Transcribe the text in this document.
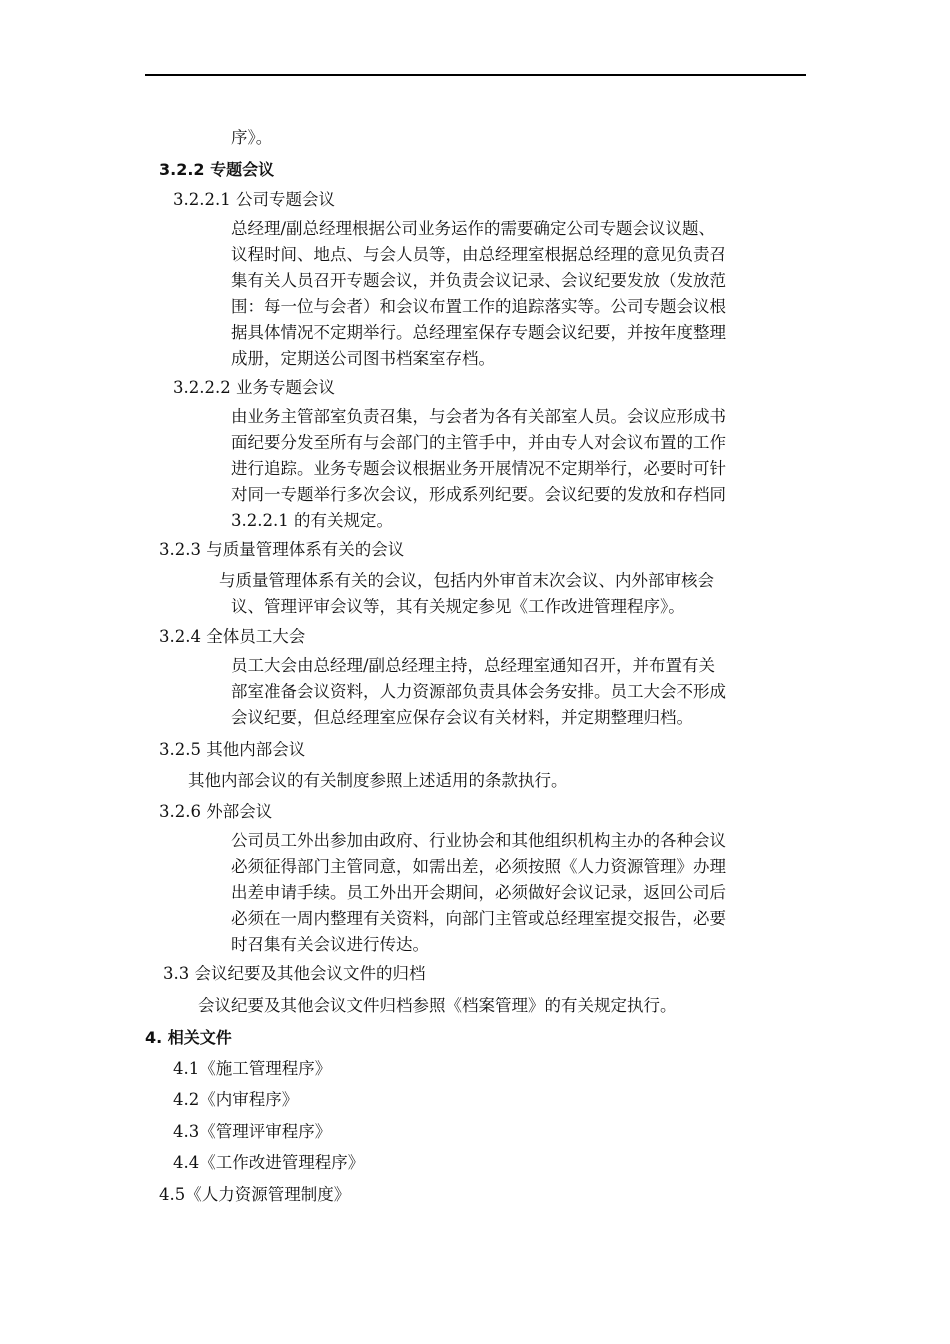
序》。
3.2.2 专题会议
3.2.2.1 公司专题会议
总经理/副总经理根据公司业务运作的需要确定公司专题会议议题、
议程时间、地点、与会人员等，由总经理室根据总经理的意见负责召
集有关人员召开专题会议，并负责会议记录、会议纪要发放（发放范
围：每一位与会者）和会议布置工作的追踪落实等。公司专题会议根
据具体情况不定期举行。总经理室保存专题会议纪要，并按年度整理
成册，定期送公司图书档案室存档。
3.2.2.2 业务专题会议
由业务主管部室负责召集，与会者为各有关部室人员。会议应形成书
面纪要分发至所有与会部门的主管手中，并由专人对会议布置的工作
进行追踪。业务专题会议根据业务开展情况不定期举行，必要时可针
对同一专题举行多次会议，形成系列纪要。会议纪要的发放和存档同
3.2.2.1 的有关规定。
3.2.3 与质量管理体系有关的会议
与质量管理体系有关的会议，包括内外审首末次会议、内外部审核会
议、管理评审会议等，其有关规定参见《工作改进管理程序》。
3.2.4 全体员工大会
员工大会由总经理/副总经理主持，总经理室通知召开，并布置有关
部室准备会议资料，人力资源部负责具体会务安排。员工大会不形成
会议纪要，但总经理室应保存会议有关材料，并定期整理归档。
3.2.5 其他内部会议
其他内部会议的有关制度参照上述适用的条款执行。
3.2.6 外部会议
公司员工外出参加由政府、行业协会和其他组织机构主办的各种会议
必须征得部门主管同意，如需出差，必须按照《人力资源管理》办理
出差申请手续。员工外出开会期间，必须做好会议记录，返回公司后
必须在一周内整理有关资料，向部门主管或总经理室提交报告，必要
时召集有关会议进行传达。
3.3 会议纪要及其他会议文件的归档
会议纪要及其他会议文件归档参照《档案管理》的有关规定执行。
4. 相关文件
4.1《施工管理程序》
4.2《内审程序》
4.3《管理评审程序》
4.4《工作改进管理程序》
4.5《人力资源管理制度》
